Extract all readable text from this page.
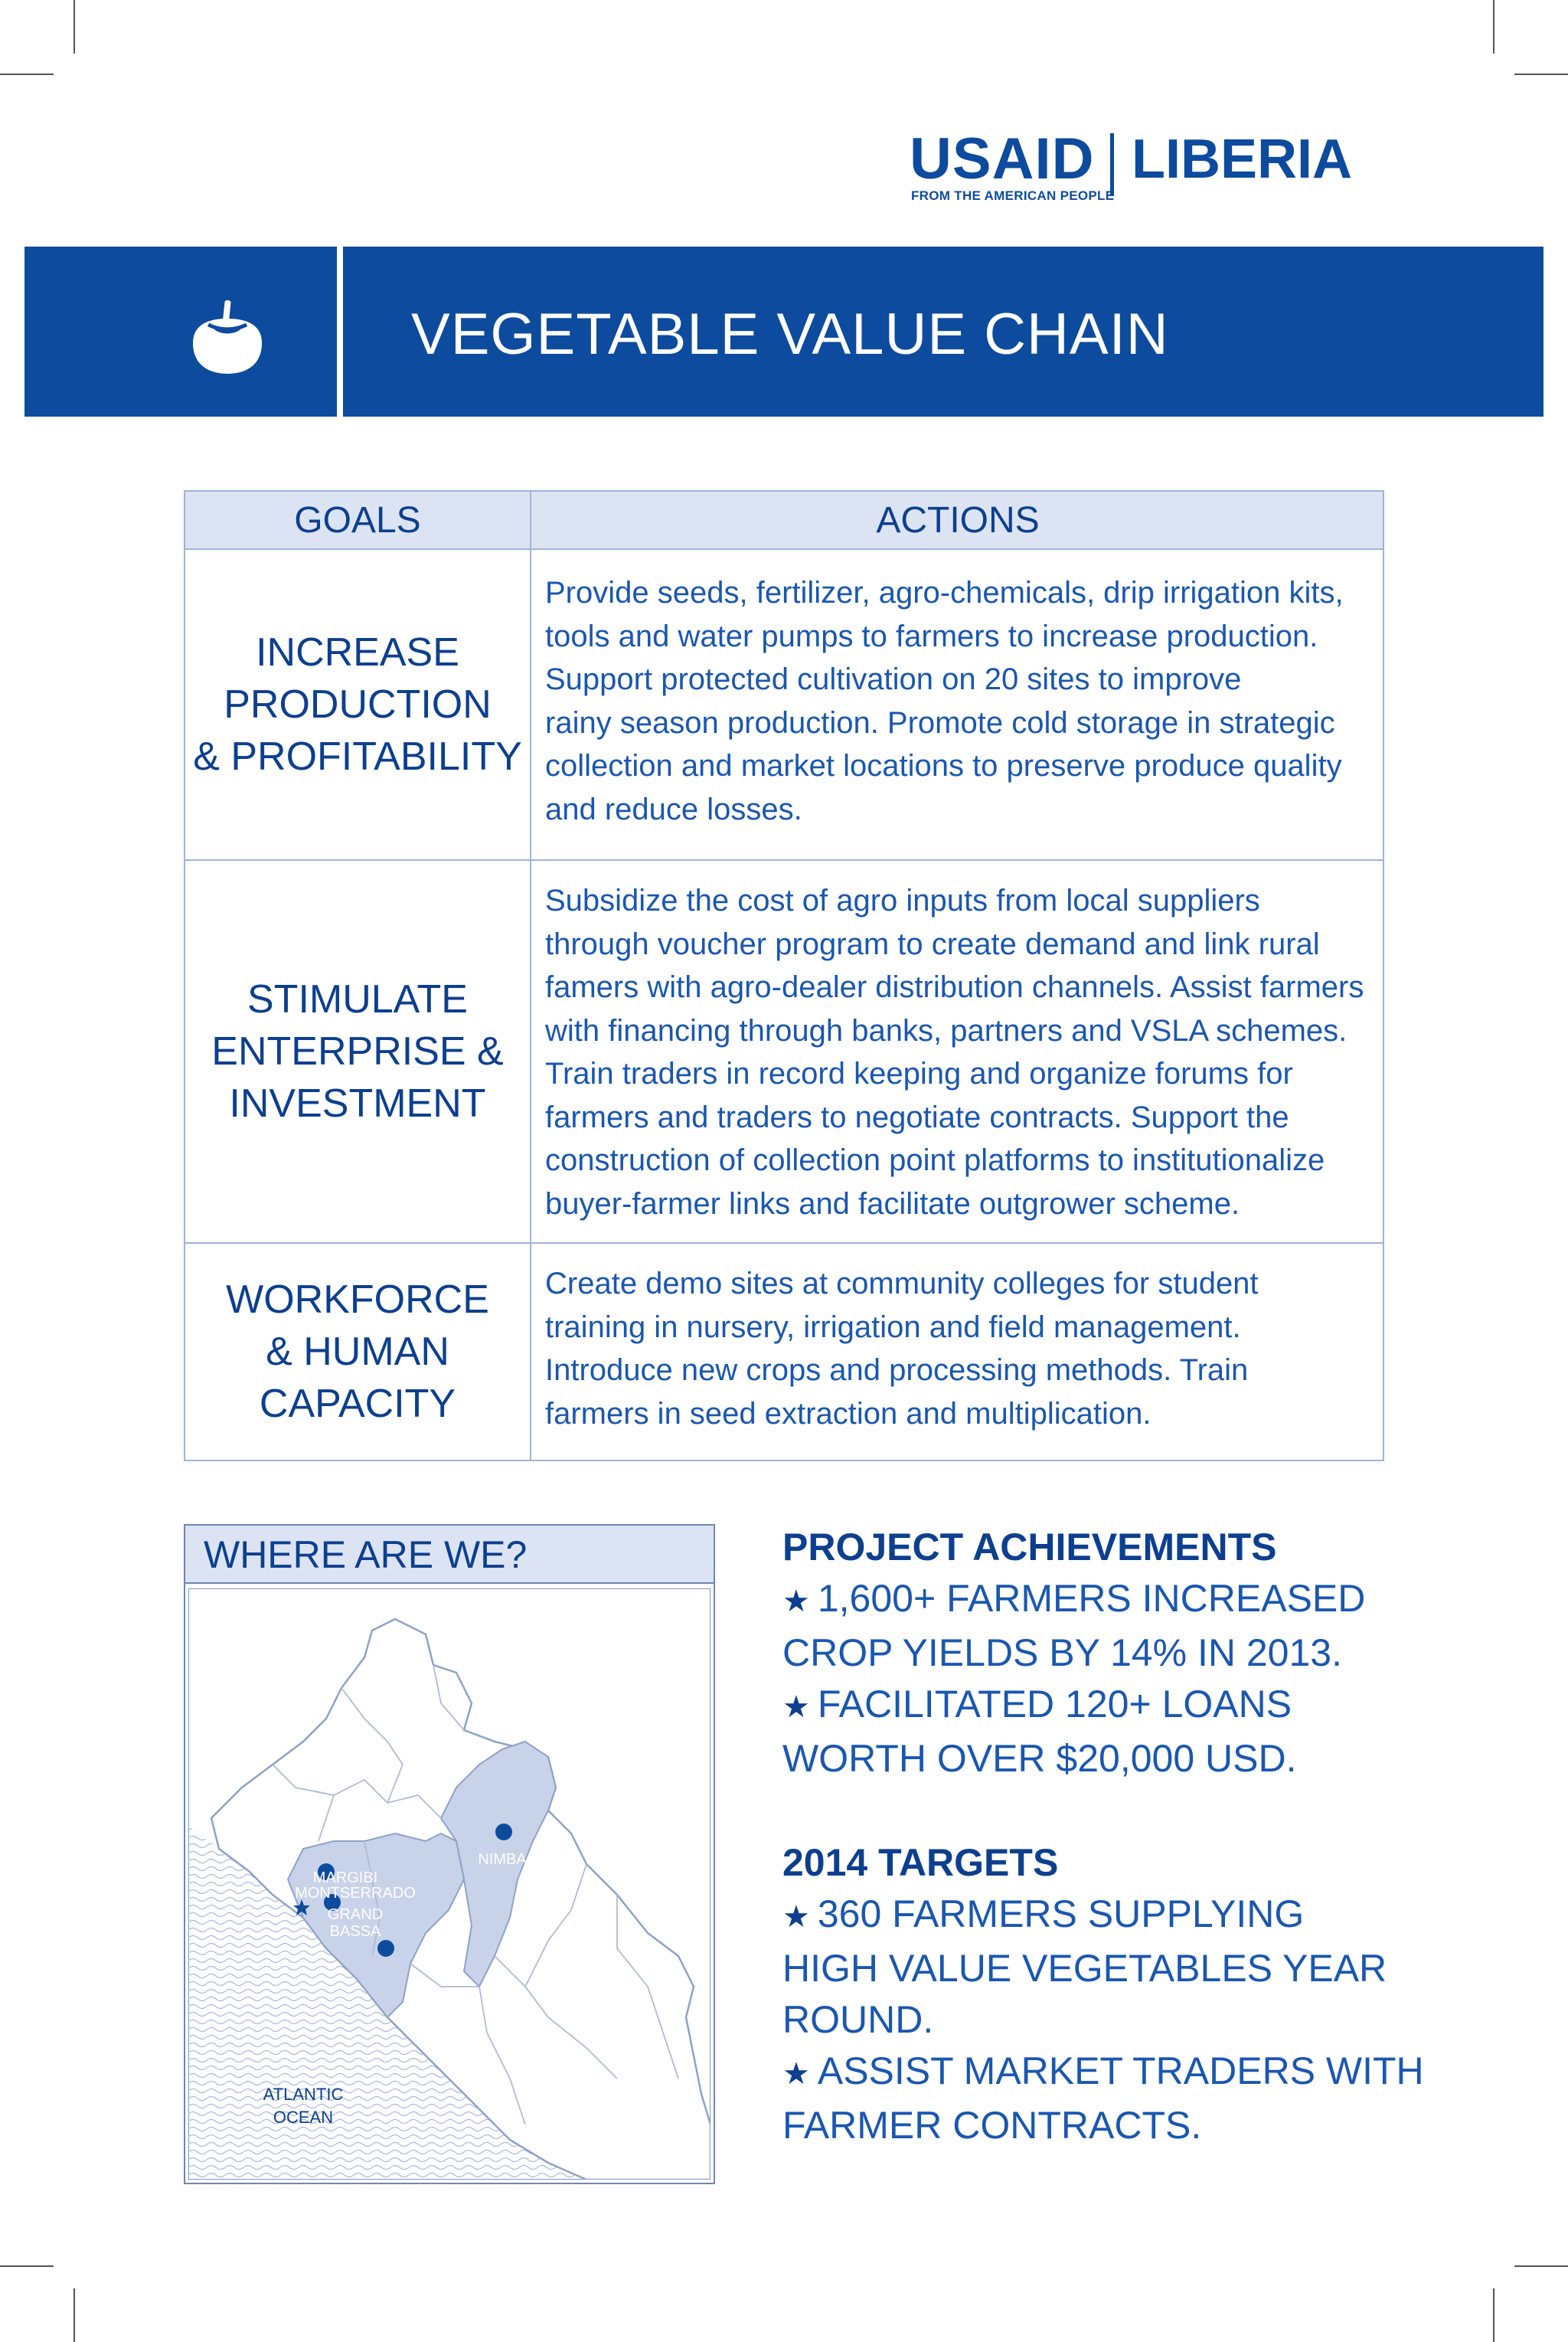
USAID LIBERIA
FROM THE AMERICAN PEOPLE
VEGETABLE VALUE CHAIN
GOALS	ACTIONS
INCREASE
PRODUCTION
& PROFITABILITY
Provide seeds, fertilizer, agro-chemicals, drip irrigation kits,
tools and water pumps to farmers to increase production.
Support protected cultivation on 20 sites to improve
rainy season production. Promote cold storage in strategic
collection and market locations to preserve produce quality
and reduce losses.
STIMULATE
ENTERPRISE &
INVESTMENT
Subsidize the cost of agro inputs from local suppliers
through voucher program to create demand and link rural
famers with agro-dealer distribution channels. Assist farmers
with financing through banks, partners and VSLA schemes.
Train traders in record keeping and organize forums for
farmers and traders to negotiate contracts. Support the
construction of collection point platforms to institutionalize
buyer-farmer links and facilitate outgrower scheme.
WORKFORCE
& HUMAN
CAPACITY
Create demo sites at community colleges for student
training in nursery, irrigation and field management.
Introduce new crops and processing methods. Train
farmers in seed extraction and multiplication.
WHERE ARE WE?
NIMBA
MARGIBI
MONTSERRADO
GRAND
BASSA
ATLANTIC
OCEAN
PROJECT ACHIEVEMENTS
★ 1,600+ FARMERS INCREASED
CROP YIELDS BY 14% IN 2013.
★ FACILITATED 120+ LOANS
WORTH OVER $20,000 USD.
2014 TARGETS
★ 360 FARMERS SUPPLYING
HIGH VALUE VEGETABLES YEAR
ROUND.
★ ASSIST MARKET TRADERS WITH
FARMER CONTRACTS.
